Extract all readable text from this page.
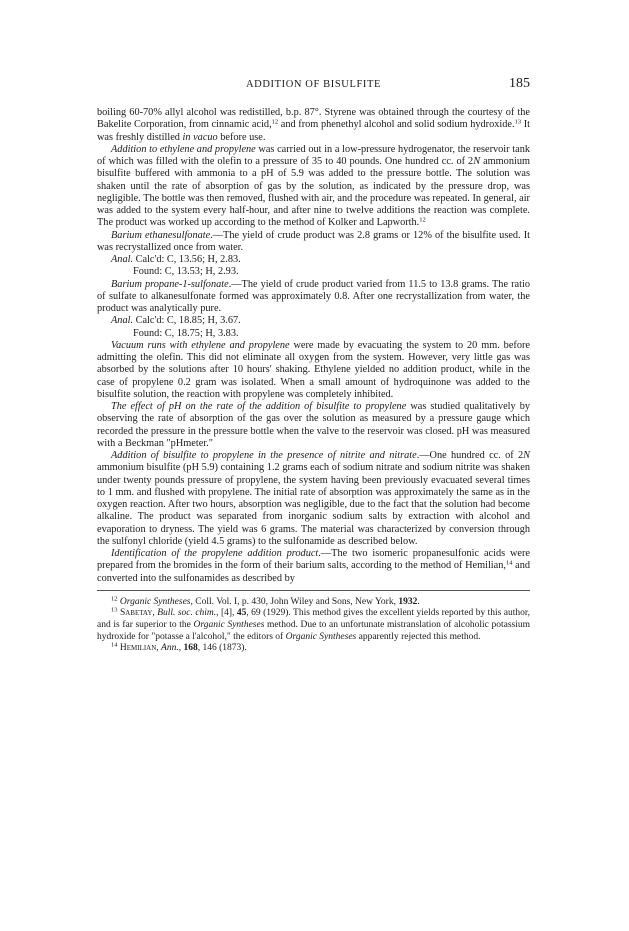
ADDITION OF BISULFITE	185

boiling 60-70% allyl alcohol was redistilled, b.p. 87°. Styrene was obtained through the courtesy of the Bakelite Corporation, from cinnamic acid,$^{12}$ and from phenethyl alcohol and solid sodium hydroxide.$^{13}$ It was freshly distilled in vacuo before use.

Addition to ethylene and propylene was carried out in a low-pressure hydrogenator, the reservoir tank of which was filled with the olefin to a pressure of 35 to 40 pounds. One hundred cc. of 2N ammonium bisulfite buffered with ammonia to a pH of 5.9 was added to the pressure bottle. The solution was shaken until the rate of absorption of gas by the solution, as indicated by the pressure drop, was negligible. The bottle was then removed, flushed with air, and the procedure was repeated. In general, air was added to the system every half-hour, and after nine to twelve additions the reaction was complete. The product was worked up according to the method of Kolker and Lapworth.$^{12}$

Barium ethanesulfonate.—The yield of crude product was 2.8 grams or 12% of the bisulfite used. It was recrystallized once from water.

Anal. Calc'd: C, 13.56; H, 2.83.

Found: C, 13.53; H, 2.93.

Barium propane-1-sulfonate.—The yield of crude product varied from 11.5 to 13.8 grams. The ratio of sulfate to alkanesulfonate formed was approximately 0.8. After one recrystallization from water, the product was analytically pure.

Anal. Calc'd: C, 18.85; H, 3.67.

Found: C, 18.75; H, 3.83.

Vacuum runs with ethylene and propylene were made by evacuating the system to 20 mm. before admitting the olefin. This did not eliminate all oxygen from the system. However, very little gas was absorbed by the solutions after 10 hours' shaking. Ethylene yielded no addition product, while in the case of propylene 0.2 gram was isolated. When a small amount of hydroquinone was added to the bisulfite solution, the reaction with propylene was completely inhibited.

The effect of pH on the rate of the addition of bisulfite to propylene was studied qualitatively by observing the rate of absorption of the gas over the solution as measured by a pressure gauge which recorded the pressure in the pressure bottle when the valve to the reservoir was closed. pH was measured with a Beckman "pHmeter."

Addition of bisulfite to propylene in the presence of nitrite and nitrate.—One hundred cc. of 2N ammonium bisulfite (pH 5.9) containing 1.2 grams each of sodium nitrate and sodium nitrite was shaken under twenty pounds pressure of propylene, the system having been previously evacuated several times to 1 mm. and flushed with propylene. The initial rate of absorption was approximately the same as in the oxygen reaction. After two hours, absorption was negligible, due to the fact that the solution had become alkaline. The product was separated from inorganic sodium salts by extraction with alcohol and evaporation to dryness. The yield was 6 grams. The material was characterized by conversion through the sulfonyl chloride (yield 4.5 grams) to the sulfonamide as described below.

Identification of the propylene addition product.—The two isomeric propanesulfonic acids were prepared from the bromides in the form of their barium salts, according to the method of Hemilian,$^{14}$ and converted into the sulfonamides as described by

$^{12}$ Organic Syntheses, Coll. Vol. I, p. 430, John Wiley and Sons, New York, 1932.

$^{13}$ Sabetay, Bull. soc. chim., [4], 45, 69 (1929). This method gives the excellent yields reported by this author, and is far superior to the Organic Syntheses method. Due to an unfortunate mistranslation of alcoholic potassium hydroxide for "potasse a l'alcohol," the editors of Organic Syntheses apparently rejected this method.

$^{14}$ Hemilian, Ann., 168, 146 (1873).
